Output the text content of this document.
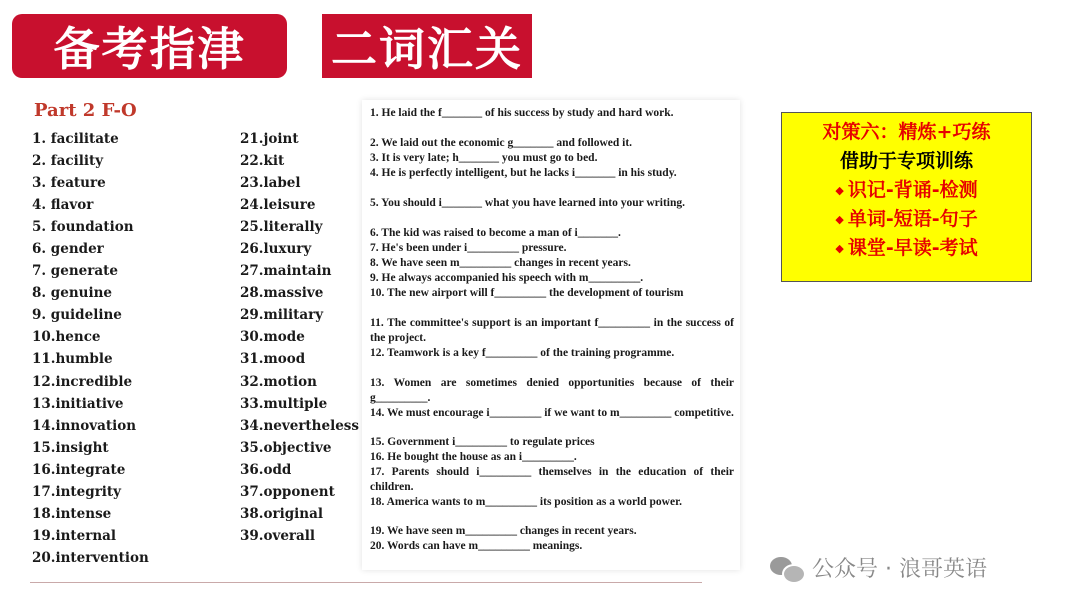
备考指津	二词汇关
Part 2 F-O
1. facilitate
2. facility
3. feature
4. flavor
5. foundation
6. gender
7. generate
8. genuine
9. guideline
10.hence
11.humble
12.incredible
13.initiative
14.innovation
15.insight
16.integrate
17.integrity
18.intense
19.internal
20.intervention
21.joint
22.kit
23.label
24.leisure
25.literally
26.luxury
27.maintain
28.massive
29.military
30.mode
31.mood
32.motion
33.multiple
34.nevertheless
35.objective
36.odd
37.opponent
38.original
39.overall
1. He laid the f_______ of his success by study and hard work.
2. We laid out the economic g_______ and followed it.
3. It is very late; h_______ you must go to bed.
4. He is perfectly intelligent, but he lacks i_______ in his study.
5. You should i_______ what you have learned into your writing.
6. The kid was raised to become a man of i_______.
7. He's been under i_________ pressure.
8. We have seen m_________ changes in recent years.
9. He always accompanied his speech with m_________.
10. The new airport will f_________ the development of tourism
11. The committee's support is an important f_________ in the success of the project.
12. Teamwork is a key f_________ of the training programme.
13. Women are sometimes denied opportunities because of their g_________.
14. We must encourage i_________ if we want to m_________ competitive.
15. Government i_________ to regulate prices
16. He bought the house as an i_________.
17. Parents should i_________ themselves in the education of their children.
18. America wants to m_________ its position as a world power.
19. We have seen m_________ changes in recent years.
20. Words can have m_________ meanings.
对策六：精炼+巧练
借助于专项训练
◆ 识记-背诵-检测
◆ 单词-短语-句子
◆ 课堂-早读-考试
公众号 · 浪哥英语
